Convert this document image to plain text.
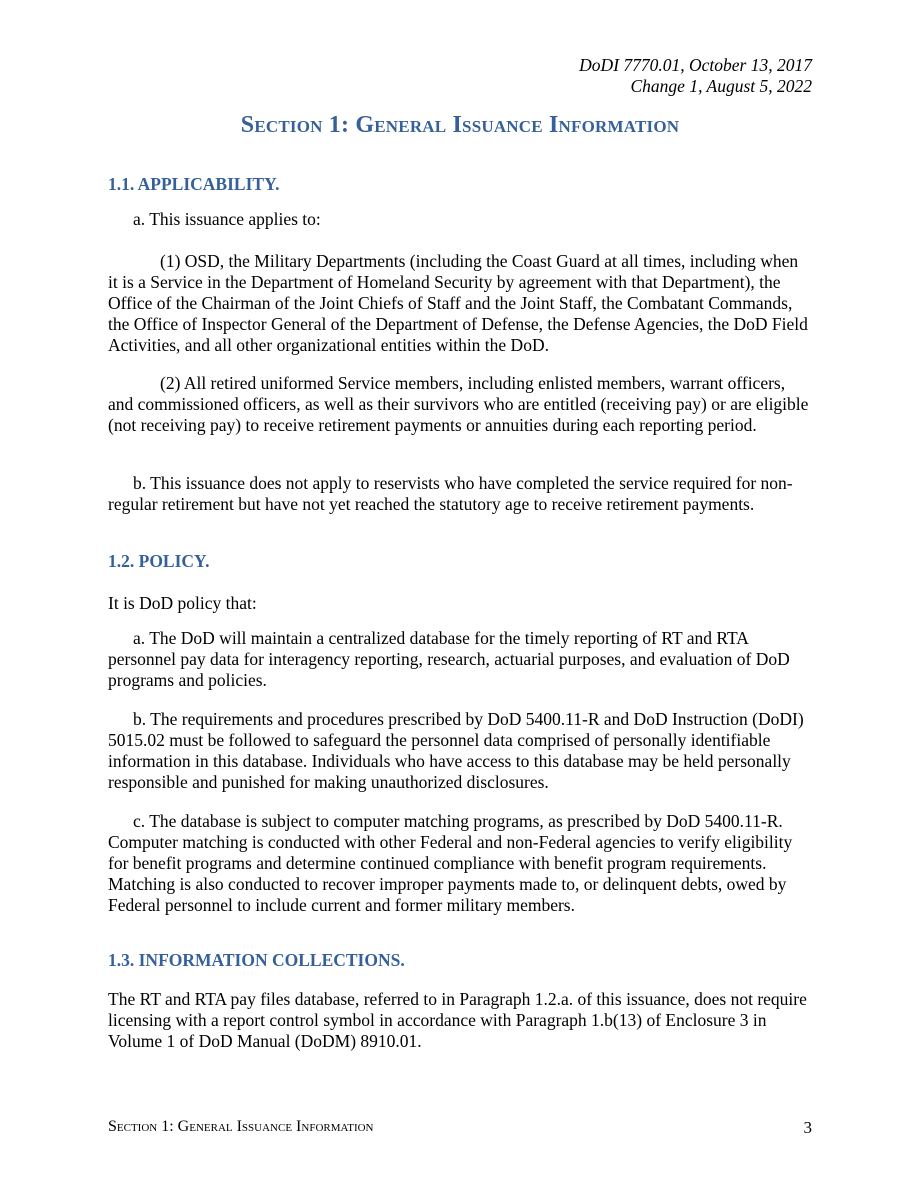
DoDI 7770.01, October 13, 2017
Change 1, August 5, 2022
Section 1: General Issuance Information
1.1. APPLICABILITY.
a. This issuance applies to:
(1) OSD, the Military Departments (including the Coast Guard at all times, including when it is a Service in the Department of Homeland Security by agreement with that Department), the Office of the Chairman of the Joint Chiefs of Staff and the Joint Staff, the Combatant Commands, the Office of Inspector General of the Department of Defense, the Defense Agencies, the DoD Field Activities, and all other organizational entities within the DoD.
(2) All retired uniformed Service members, including enlisted members, warrant officers, and commissioned officers, as well as their survivors who are entitled (receiving pay) or are eligible (not receiving pay) to receive retirement payments or annuities during each reporting period.
b. This issuance does not apply to reservists who have completed the service required for non-regular retirement but have not yet reached the statutory age to receive retirement payments.
1.2. POLICY.
It is DoD policy that:
a. The DoD will maintain a centralized database for the timely reporting of RT and RTA personnel pay data for interagency reporting, research, actuarial purposes, and evaluation of DoD programs and policies.
b. The requirements and procedures prescribed by DoD 5400.11-R and DoD Instruction (DoDI) 5015.02 must be followed to safeguard the personnel data comprised of personally identifiable information in this database. Individuals who have access to this database may be held personally responsible and punished for making unauthorized disclosures.
c. The database is subject to computer matching programs, as prescribed by DoD 5400.11-R. Computer matching is conducted with other Federal and non-Federal agencies to verify eligibility for benefit programs and determine continued compliance with benefit program requirements. Matching is also conducted to recover improper payments made to, or delinquent debts, owed by Federal personnel to include current and former military members.
1.3. INFORMATION COLLECTIONS.
The RT and RTA pay files database, referred to in Paragraph 1.2.a. of this issuance, does not require licensing with a report control symbol in accordance with Paragraph 1.b(13) of Enclosure 3 in Volume 1 of DoD Manual (DoDM) 8910.01.
Section 1: General Issuance Information	3
